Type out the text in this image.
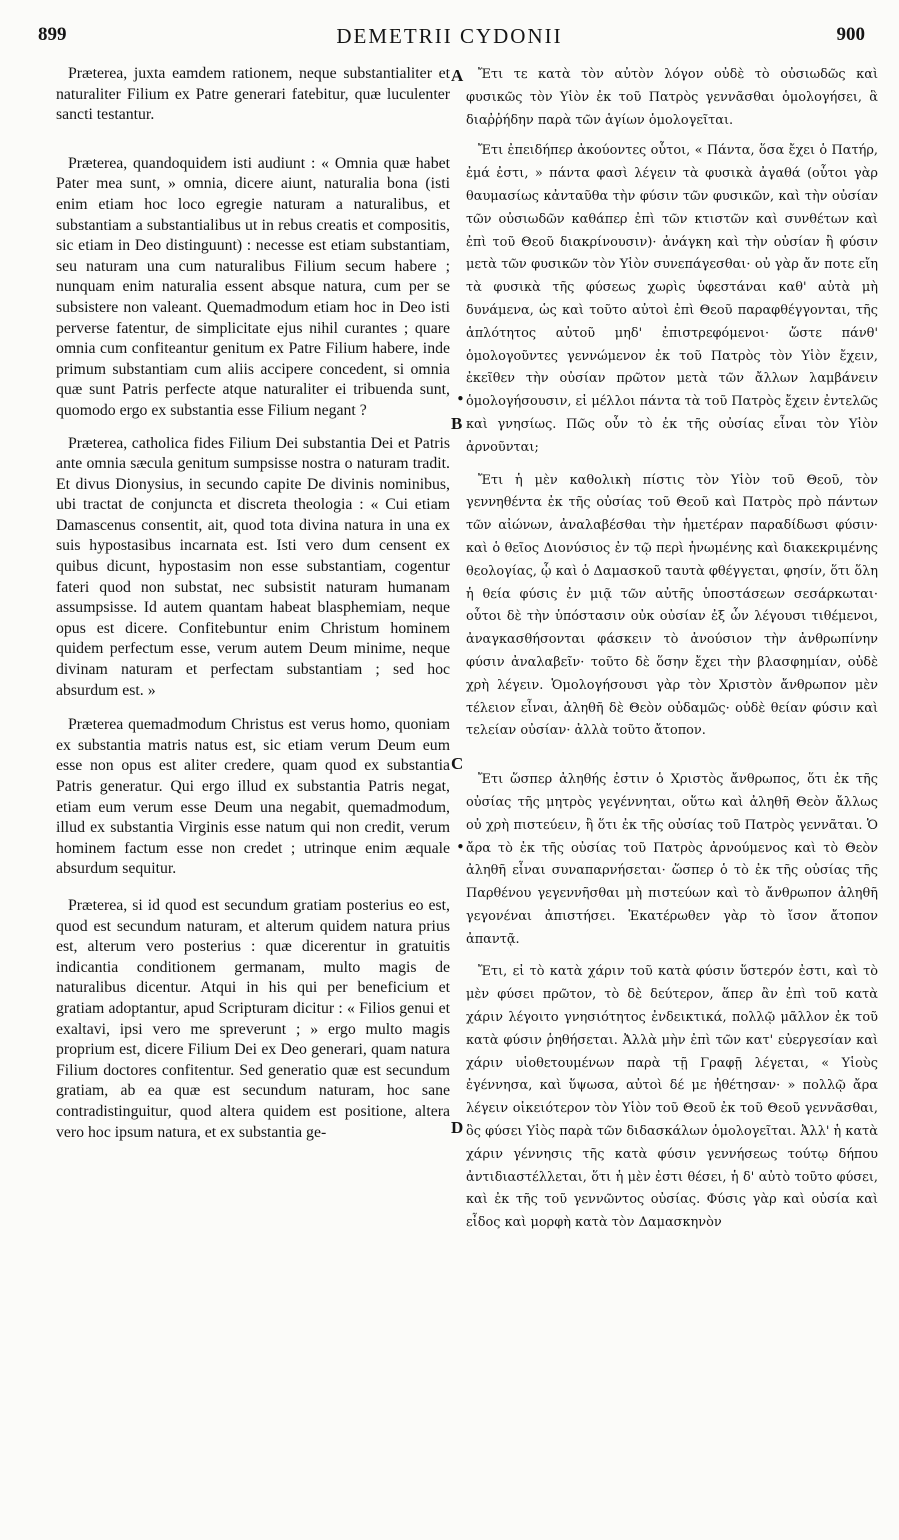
899	DEMETRII CYDONII	900

Præterea, juxta eamdem rationem, neque substantialiter et naturaliter Filium ex Patre generari fatebitur, quæ luculenter sancti testantur.

Præterea, quandoquidem isti audiunt : « Omnia quæ habet Pater mea sunt, » omnia, dicere aiunt, naturalia bona (isti enim etiam hoc loco egregie naturam a naturalibus, et substantiam a substantialibus ut in rebus creatis et compositis, sic etiam in Deo distinguunt) : necesse est etiam substantiam, seu naturam una cum naturalibus Filium secum habere ; nunquam enim naturalia essent absque natura, cum per se subsistere non valeant. Quemadmodum etiam hoc in Deo isti perverse fatentur, de simplicitate ejus nihil curantes ; quare omnia cum confiteantur genitum ex Patre Filium habere, inde primum substantiam cum aliis accipere concedent, si omnia quæ sunt Patris perfecte atque naturaliter ei tribuenda sunt, quomodo ergo ex substantia esse Filium negant ?

Præterea, catholica fides Filium Dei substantia Dei et Patris ante omnia sæcula genitum sumpsisse nostra o naturam tradit. Et divus Dionysius, in secundo capite De divinis nominibus, ubi tractat de conjuncta et discreta theologia : « Cui etiam Damascenus consentit, ait, quod tota divina natura in una ex suis hypostasibus incarnata est. Isti vero dum censent ex quibus dicunt, hypostasim non esse substantiam, cogentur fateri quod non substat, nec subsistit naturam humanam assumpsisse. Id autem quantam habeat blasphemiam, neque opus est dicere. Confitebuntur enim Christum hominem quidem perfectum esse, verum autem Deum minime, neque divinam naturam et perfectam substantiam ; sed hoc absurdum est. »

Præterea quemadmodum Christus est verus homo, quoniam ex substantia matris natus est, sic etiam verum Deum eum esse non opus est aliter credere, quam quod ex substantia Patris generatur. Qui ergo illud ex substantia Patris negat, etiam eum verum esse Deum una negabit, quemadmodum, illud ex substantia Virginis esse natum qui non credit, verum hominem factum esse non credet ; utrinque enim æquale absurdum sequitur.

Præterea, si id quod est secundum gratiam posterius eo est, quod est secundum naturam, et alterum quidem natura prius est, alterum vero posterius : quæ dicerentur in gratuitis indicantia conditionem germanam, multo magis de naturalibus dicentur. Atqui in his qui per beneficium et gratiam adoptantur, apud Scripturam dicitur : « Filios genui et exaltavi, ipsi vero me spreverunt ; » ergo multo magis proprium est, dicere Filium Dei ex Deo generari, quam natura Filium doctores confitentur. Sed generatio quæ est secundum gratiam, ab ea quæ est secundum naturam, hoc sane contradistinguitur, quod altera quidem est positione, altera vero hoc ipsum natura, et ex substantia ge-

A
B
C
D
•
•

Ἔτι τε κατὰ τὸν αὐτὸν λόγον οὐδὲ τὸ οὐσιωδῶς καὶ φυσικῶς τὸν Υἱὸν ἐκ τοῦ Πατρὸς γεννᾶσθαι ὁμολογήσει, ἃ διαῤῥήδην παρὰ τῶν ἁγίων ὁμολογεῖται.

Ἔτι ἐπειδήπερ ἀκούοντες οὗτοι, « Πάντα, ὅσα ἔχει ὁ Πατήρ, ἐμά ἐστι, » πάντα φασὶ λέγειν τὰ φυσικὰ ἀγαθά (οὗτοι γὰρ θαυμασίως κἀνταῦθα τὴν φύσιν τῶν φυσικῶν, καὶ τὴν οὐσίαν τῶν οὐσιωδῶν καθάπερ ἐπὶ τῶν κτιστῶν καὶ συνθέτων καὶ ἐπὶ τοῦ Θεοῦ διακρίνουσιν)· ἀνάγκη καὶ τὴν οὐσίαν ἢ φύσιν μετὰ τῶν φυσικῶν τὸν Υἱὸν συνεπάγεσθαι· οὐ γὰρ ἄν ποτε εἴη τὰ φυσικὰ τῆς φύσεως χωρὶς ὑφεστάναι καθ' αὑτὰ μὴ δυνάμενα, ὡς καὶ τοῦτο αὐτοὶ ἐπὶ Θεοῦ παραφθέγγονται, τῆς ἁπλότητος αὐτοῦ μηδ' ἐπιστρεφόμενοι· ὥστε πάνθ' ὁμολογοῦντες γεννώμενον ἐκ τοῦ Πατρὸς τὸν Υἱὸν ἔχειν, ἐκεῖθεν τὴν οὐσίαν πρῶτον μετὰ τῶν ἄλλων λαμβάνειν ὁμολογήσουσιν, εἰ μέλλοι πάντα τὰ τοῦ Πατρὸς ἔχειν ἐντελῶς καὶ γνησίως. Πῶς οὖν τὸ ἐκ τῆς οὐσίας εἶναι τὸν Υἱὸν ἀρνοῦνται;

Ἔτι ἡ μὲν καθολικὴ πίστις τὸν Υἱὸν τοῦ Θεοῦ, τὸν γεννηθέντα ἐκ τῆς οὐσίας τοῦ Θεοῦ καὶ Πατρὸς πρὸ πάντων τῶν αἰώνων, ἀναλαβέσθαι τὴν ἡμετέραν παραδίδωσι φύσιν· καὶ ὁ θεῖος Διονύσιος ἐν τῷ περὶ ἡνωμένης καὶ διακεκριμένης θεολογίας, ᾧ καὶ ὁ Δαμασκοῦ ταυτὰ φθέγγεται, φησίν, ὅτι ὅλη ἡ θεία φύσις ἐν μιᾷ τῶν αὐτῆς ὑποστάσεων σεσάρκωται· οὗτοι δὲ τὴν ὑπόστασιν οὐκ οὐσίαν ἐξ ὧν λέγουσι τιθέμενοι, ἀναγκασθήσονται φάσκειν τὸ ἀνούσιον τὴν ἀνθρωπίνην φύσιν ἀναλαβεῖν· τοῦτο δὲ ὅσην ἔχει τὴν βλασφημίαν, οὐδὲ χρὴ λέγειν. Ὁμολογήσουσι γὰρ τὸν Χριστὸν ἄνθρωπον μὲν τέλειον εἶναι, ἀληθῆ δὲ Θεὸν οὐδαμῶς· οὐδὲ θείαν φύσιν καὶ τελείαν οὐσίαν· ἀλλὰ τοῦτο ἄτοπον.

Ἔτι ὥσπερ ἀληθής ἐστιν ὁ Χριστὸς ἄνθρωπος, ὅτι ἐκ τῆς οὐσίας τῆς μητρὸς γεγέννηται, οὕτω καὶ ἀληθῆ Θεὸν ἄλλως οὐ χρὴ πιστεύειν, ἢ ὅτι ἐκ τῆς οὐσίας τοῦ Πατρὸς γεννᾶται. Ὁ ἄρα τὸ ἐκ τῆς οὐσίας τοῦ Πατρὸς ἀρνούμενος καὶ τὸ Θεὸν ἀληθῆ εἶναι συναπαρνήσεται· ὥσπερ ὁ τὸ ἐκ τῆς οὐσίας τῆς Παρθένου γεγεννῆσθαι μὴ πιστεύων καὶ τὸ ἄνθρωπον ἀληθῆ γεγονέναι ἀπιστήσει. Ἑκατέρωθεν γὰρ τὸ ἴσον ἄτοπον ἀπαντᾷ.

Ἔτι, εἰ τὸ κατὰ χάριν τοῦ κατὰ φύσιν ὕστερόν ἐστι, καὶ τὸ μὲν φύσει πρῶτον, τὸ δὲ δεύτερον, ἅπερ ἂν ἐπὶ τοῦ κατὰ χάριν λέγοιτο γνησιότητος ἐνδεικτικά, πολλῷ μᾶλλον ἐκ τοῦ κατὰ φύσιν ῥηθήσεται. Ἀλλὰ μὴν ἐπὶ τῶν κατ' εὐεργεσίαν καὶ χάριν υἱοθετουμένων παρὰ τῇ Γραφῇ λέγεται, « Υἱοὺς ἐγέννησα, καὶ ὕψωσα, αὐτοὶ δέ με ἠθέτησαν· » πολλῷ ἄρα λέγειν οἰκειότερον τὸν Υἱὸν τοῦ Θεοῦ ἐκ τοῦ Θεοῦ γεννᾶσθαι, ὃς φύσει Υἱὸς παρὰ τῶν διδασκάλων ὁμολογεῖται. Ἀλλ' ἡ κατὰ χάριν γέννησις τῆς κατὰ φύσιν γεννήσεως τούτῳ δήπου ἀντιδιαστέλλεται, ὅτι ἡ μὲν ἐστι θέσει, ἡ δ' αὐτὸ τοῦτο φύσει, καὶ ἐκ τῆς τοῦ γεννῶντος οὐσίας. Φύσις γὰρ καὶ οὐσία καὶ εἶδος καὶ μορφὴ κατὰ τὸν Δαμασκηνὸν
